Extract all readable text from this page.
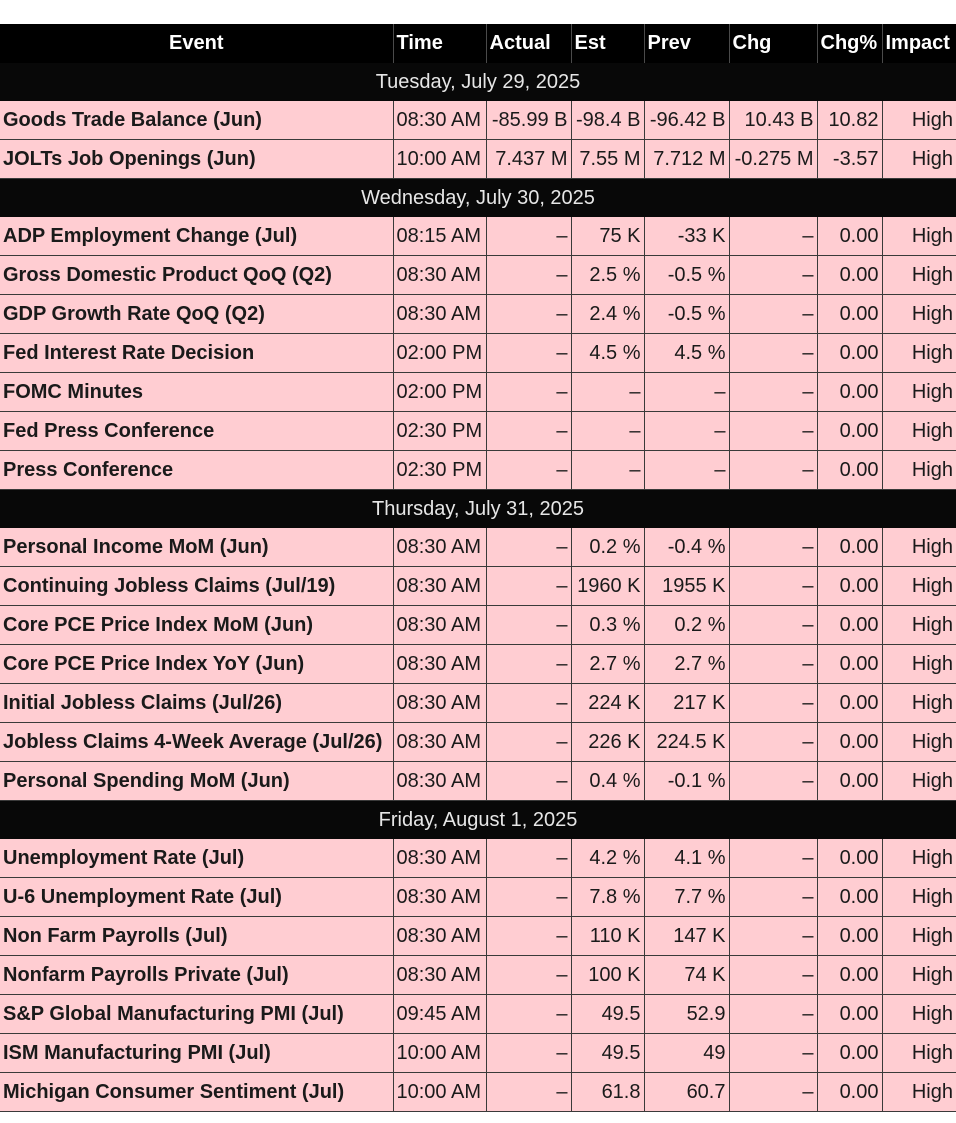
Event	Time	Actual	Est	Prev	Chg	Chg%	Impact
Tuesday, July 29, 2025							
Goods Trade Balance (Jun)	08:30 AM	-85.99 B	-98.4 B	-96.42 B	10.43 B	10.82	High
JOLTs Job Openings (Jun)	10:00 AM	7.437 M	7.55 M	7.712 M	-0.275 M	-3.57	High
Wednesday, July 30, 2025							
ADP Employment Change (Jul)	08:15 AM	–	75 K	-33 K	–	0.00	High
Gross Domestic Product QoQ (Q2)	08:30 AM	–	2.5 %	-0.5 %	–	0.00	High
GDP Growth Rate QoQ (Q2)	08:30 AM	–	2.4 %	-0.5 %	–	0.00	High
Fed Interest Rate Decision	02:00 PM	–	4.5 %	4.5 %	–	0.00	High
FOMC Minutes	02:00 PM	–	–	–	–	0.00	High
Fed Press Conference	02:30 PM	–	–	–	–	0.00	High
Press Conference	02:30 PM	–	–	–	–	0.00	High
Thursday, July 31, 2025							
Personal Income MoM (Jun)	08:30 AM	–	0.2 %	-0.4 %	–	0.00	High
Continuing Jobless Claims (Jul/19)	08:30 AM	–	1960 K	1955 K	–	0.00	High
Core PCE Price Index MoM (Jun)	08:30 AM	–	0.3 %	0.2 %	–	0.00	High
Core PCE Price Index YoY (Jun)	08:30 AM	–	2.7 %	2.7 %	–	0.00	High
Initial Jobless Claims (Jul/26)	08:30 AM	–	224 K	217 K	–	0.00	High
Jobless Claims 4-Week Average (Jul/26)	08:30 AM	–	226 K	224.5 K	–	0.00	High
Personal Spending MoM (Jun)	08:30 AM	–	0.4 %	-0.1 %	–	0.00	High
Friday, August 1, 2025							
Unemployment Rate (Jul)	08:30 AM	–	4.2 %	4.1 %	–	0.00	High
U-6 Unemployment Rate (Jul)	08:30 AM	–	7.8 %	7.7 %	–	0.00	High
Non Farm Payrolls (Jul)	08:30 AM	–	110 K	147 K	–	0.00	High
Nonfarm Payrolls Private (Jul)	08:30 AM	–	100 K	74 K	–	0.00	High
S&P Global Manufacturing PMI (Jul)	09:45 AM	–	49.5	52.9	–	0.00	High
ISM Manufacturing PMI (Jul)	10:00 AM	–	49.5	49	–	0.00	High
Michigan Consumer Sentiment (Jul)	10:00 AM	–	61.8	60.7	–	0.00	High
